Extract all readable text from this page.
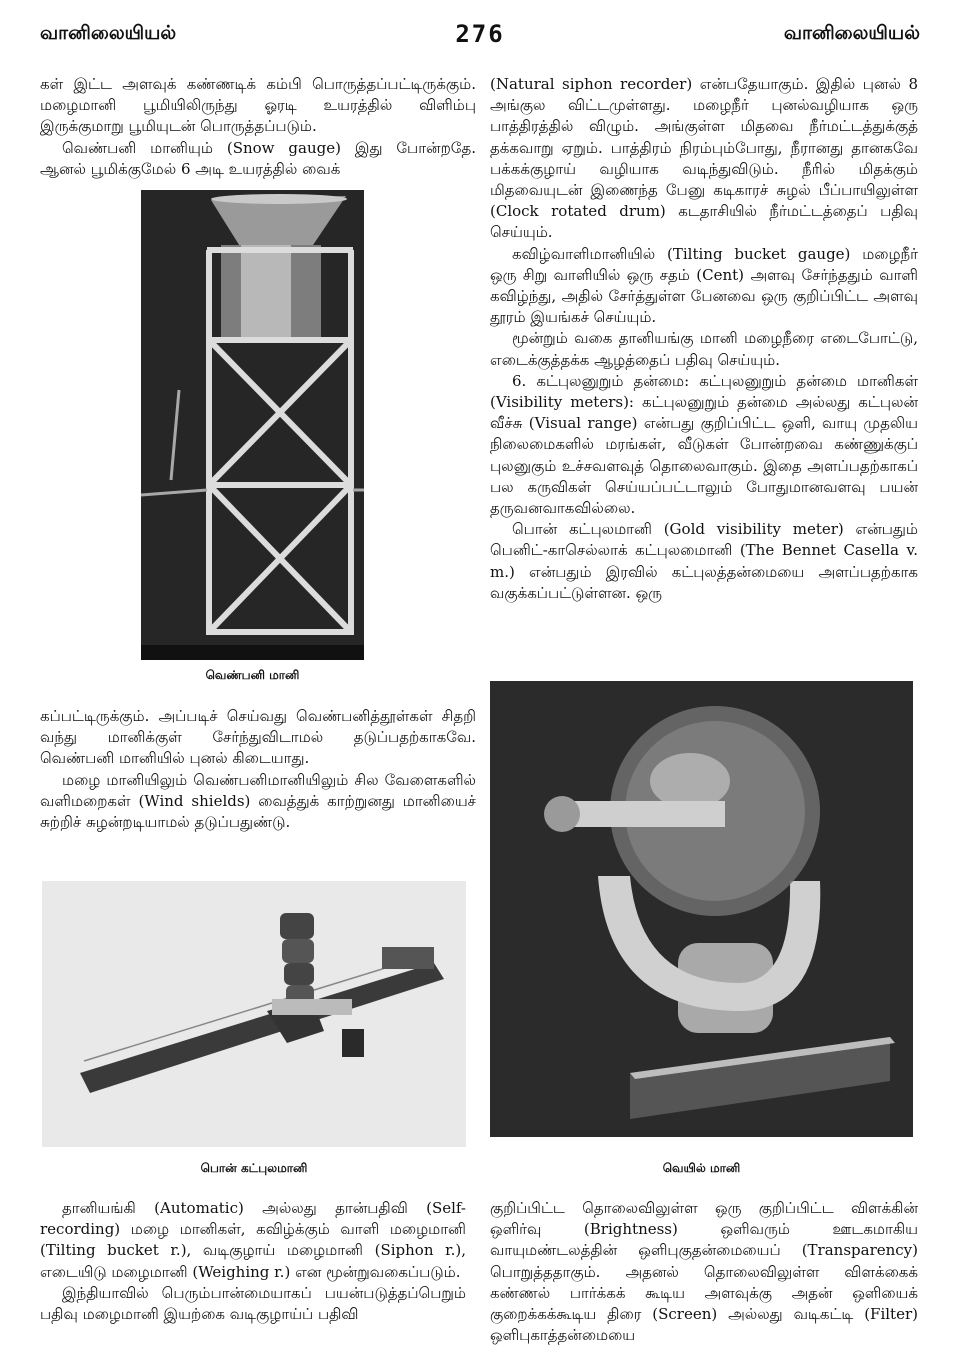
வானிலையியல்	276	வானிலையியல்

கள் இட்ட அளவுக் கண்ணடிக் கம்பி பொருத்தப்பட்டிருக்கும். மழைமானி பூமியிலிருந்து ஓரடி உயரத்தில் விளிம்பு இருக்குமாறு பூமியுடன் பொருத்தப்படும்.

வெண்பனி மானியும் (Snow gauge) இது போன்றதே. ஆனல் பூமிக்குமேல் 6 அடி உயரத்தில் வைக்

வெண்பனி மானி

கப்பட்டிருக்கும். அப்படிச் செய்வது வெண்பனித்தூள்கள் சிதறி வந்து மானிக்குள் சேர்ந்துவிடாமல் தடுப்பதற்காகவே. வெண்பனி மானியில் புனல் கிடையாது.

மழை மானியிலும் வெண்பனிமானியிலும் சில வேளைகளில் வளிமறைகள் (Wind shields) வைத்துக் காற்றுனது மானியைச் சுற்றிச் சுழன்றடியாமல் தடுப்பதுண்டு.

பொன் கட்புலமானி

தானியங்கி (Automatic) அல்லது தான்பதிவி (Self-recording) மழை மானிகள், கவிழ்க்கும் வாளி மழைமானி (Tilting bucket r.), வடிகுழாய் மழைமானி (Siphon r.), எடையிடு மழைமானி (Weighing r.) என மூன்றுவகைப்படும்.

இந்தியாவில் பெரும்பான்மையாகப் பயன்படுத்தப்பெறும் பதிவு மழைமானி இயற்கை வடிகுழாய்ப் பதிவி

(Natural siphon recorder) என்பதேயாகும். இதில் புனல் 8 அங்குல விட்டமுள்ளது. மழைநீர் புனல்வழியாக ஒரு பாத்திரத்தில் விழும். அங்குள்ள மிதவை நீர்மட்டத்துக்குத் தக்கவாறு ஏறும். பாத்திரம் நிரம்பும்போது, நீரானது தானகவே பக்கக்குழாய் வழியாக வடிந்துவிடும். நீரில் மிதக்கும் மிதவையுடன் இணைந்த பேனு கடிகாரச் சுழல் பீப்பாயிலுள்ள (Clock rotated drum) கடதாசியில் நீர்மட்டத்தைப் பதிவு செய்யும்.

கவிழ்வாளிமானியில் (Tilting bucket gauge) மழைநீர் ஒரு சிறு வாளியில் ஒரு சதம் (Cent) அளவு சேர்ந்ததும் வாளி கவிழ்ந்து, அதில் சேர்த்துள்ள பேனவை ஒரு குறிப்பிட்ட அளவு தூரம் இயங்கச் செய்யும்.

மூன்றும் வகை தானியங்கு மானி மழைநீரை எடைபோட்டு, எடைக்குத்தக்க ஆழத்தைப் பதிவு செய்யும்.

6. கட்புலனுறும் தன்மை: கட்புலனுறும் தன்மை மானிகள் (Visibility meters): கட்புலனுறும் தன்மை அல்லது கட்புலன் வீச்சு (Visual range) என்பது குறிப்பிட்ட ஒளி, வாயு முதலிய நிலைமைகளில் மரங்கள், வீடுகள் போன்றவை கண்ணுக்குப் புலனுகும் உச்சவளவுத் தொலைவாகும். இதை அளப்பதற்காகப் பல கருவிகள் செய்யப்பட்டாலும் போதுமானவளவு பயன் தருவனவாகவில்லை.

பொன் கட்புலமானி (Gold visibility meter) என்பதும் பெனிட்-காசெல்லாக் கட்புலமைானி (The Bennet Casella v. m.) என்பதும் இரவில் கட்புலத்தன்மையை அளப்பதற்காக வகுக்கப்பட்டுள்ளன. ஒரு

வெயில் மானி

குறிப்பிட்ட தொலைவிலுள்ள ஒரு குறிப்பிட்ட விளக்கின் ஒளிர்வு (Brightness) ஒளிவரும் ஊடகமாகிய வாயுமண்டலத்தின் ஒளிபுகுதன்மையைப் (Transparency) பொறுத்ததாகும். அதனல் தொலைவிலுள்ள விளக்கைக் கண்ணல் பார்க்கக் கூடிய அளவுக்கு அதன் ஒளியைக் குறைக்கக்கூடிய திரை (Screen) அல்லது வடிகட்டி (Filter) ஒளிபுகாத்தன்மையை
